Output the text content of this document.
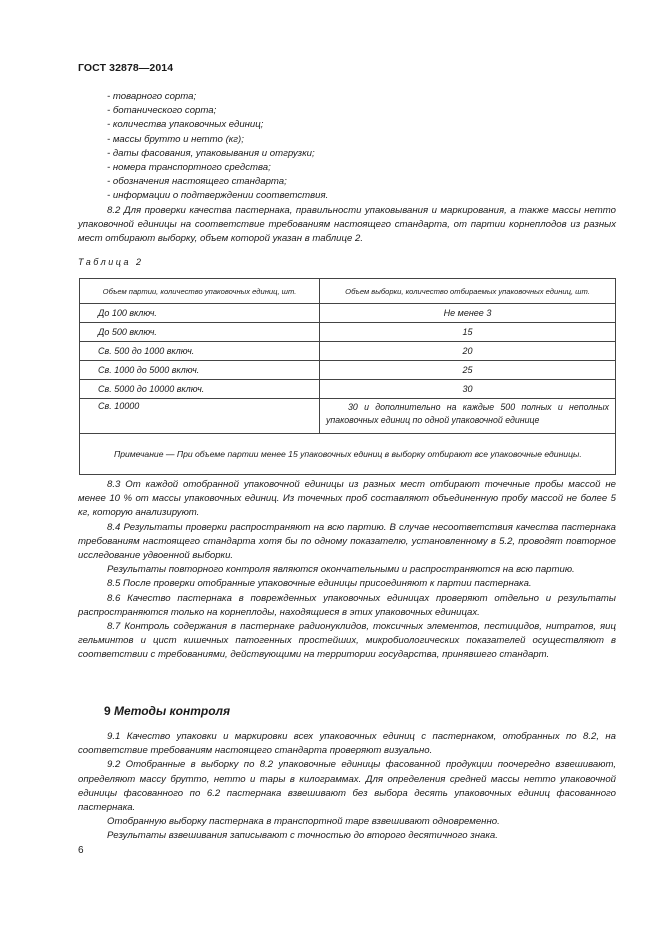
ГОСТ 32878—2014

- товарного сорта;

- ботанического сорта;

- количества упаковочных единиц;

- массы брутто и нетто (кг);

- даты фасования, упаковывания и отгрузки;

- номера транспортного средства;

- обозначения настоящего стандарта;

- информации о подтверждении соответствия.

8.2 Для проверки качества пастернака, правильности упаковывания и маркирования, а также массы нетто упаковочной единицы на соответствие требованиям настоящего стандарта, от партии корнеплодов из разных мест отбирают выборку, объем которой указан в таблице 2.

Таблица 2
Объем партии, количество упаковочных единиц, шт.	Объем выборки, количество отбираемых упаковочных единиц, шт.
До 100 включ.	Не менее 3
До 500 включ.	15
Св. 500 до 1000 включ.	20
Св. 1000 до 5000 включ.	25
Св. 5000 до 10000 включ.	30
Св. 10000	30 и дополнительно на каждые 500 полных и неполных упаковочных единиц по одной упаковочной единице
Примечание — При объеме партии менее 15 упаковочных единиц в выборку отбирают все упаковочные единицы.	

8.3 От каждой отобранной упаковочной единицы из разных мест отбирают точечные пробы массой не менее 10 % от массы упаковочных единиц. Из точечных проб составляют объединенную пробу массой не более 5 кг, которую анализируют.

8.4 Результаты проверки распространяют на всю партию. В случае несоответствия качества пастернака требованиям настоящего стандарта хотя бы по одному показателю, установленному в 5.2, проводят повторное исследование удвоенной выборки.

Результаты повторного контроля являются окончательными и распространяются на всю партию.

8.5 После проверки отобранные упаковочные единицы присоединяют к партии пастернака.

8.6 Качество пастернака в поврежденных упаковочных единицах проверяют отдельно и результаты распространяются только на корнеплоды, находящиеся в этих упаковочных единицах.

8.7 Контроль содержания в пастернаке радионуклидов, токсичных элементов, пестицидов, нитратов, яиц гельминтов и цист кишечных патогенных простейших, микробиологических показателей осуществляют в соответствии с требованиями, действующими на территории государства, принявшего стандарт.

9 Методы контроля

9.1 Качество упаковки и маркировки всех упаковочных единиц с пастернаком, отобранных по 8.2, на соответствие требованиям настоящего стандарта проверяют визуально.

9.2 Отобранные в выборку по 8.2 упаковочные единицы фасованной продукции поочередно взвешивают, определяют массу брутто, нетто и тары в килограммах. Для определения средней массы нетто упаковочной единицы фасованного по 6.2 пастернака взвешивают без выбора десять упаковочных единиц фасованного пастернака.

Отобранную выборку пастернака в транспортной таре взвешивают одновременно.

Результаты взвешивания записывают с точностью до второго десятичного знака.

6
